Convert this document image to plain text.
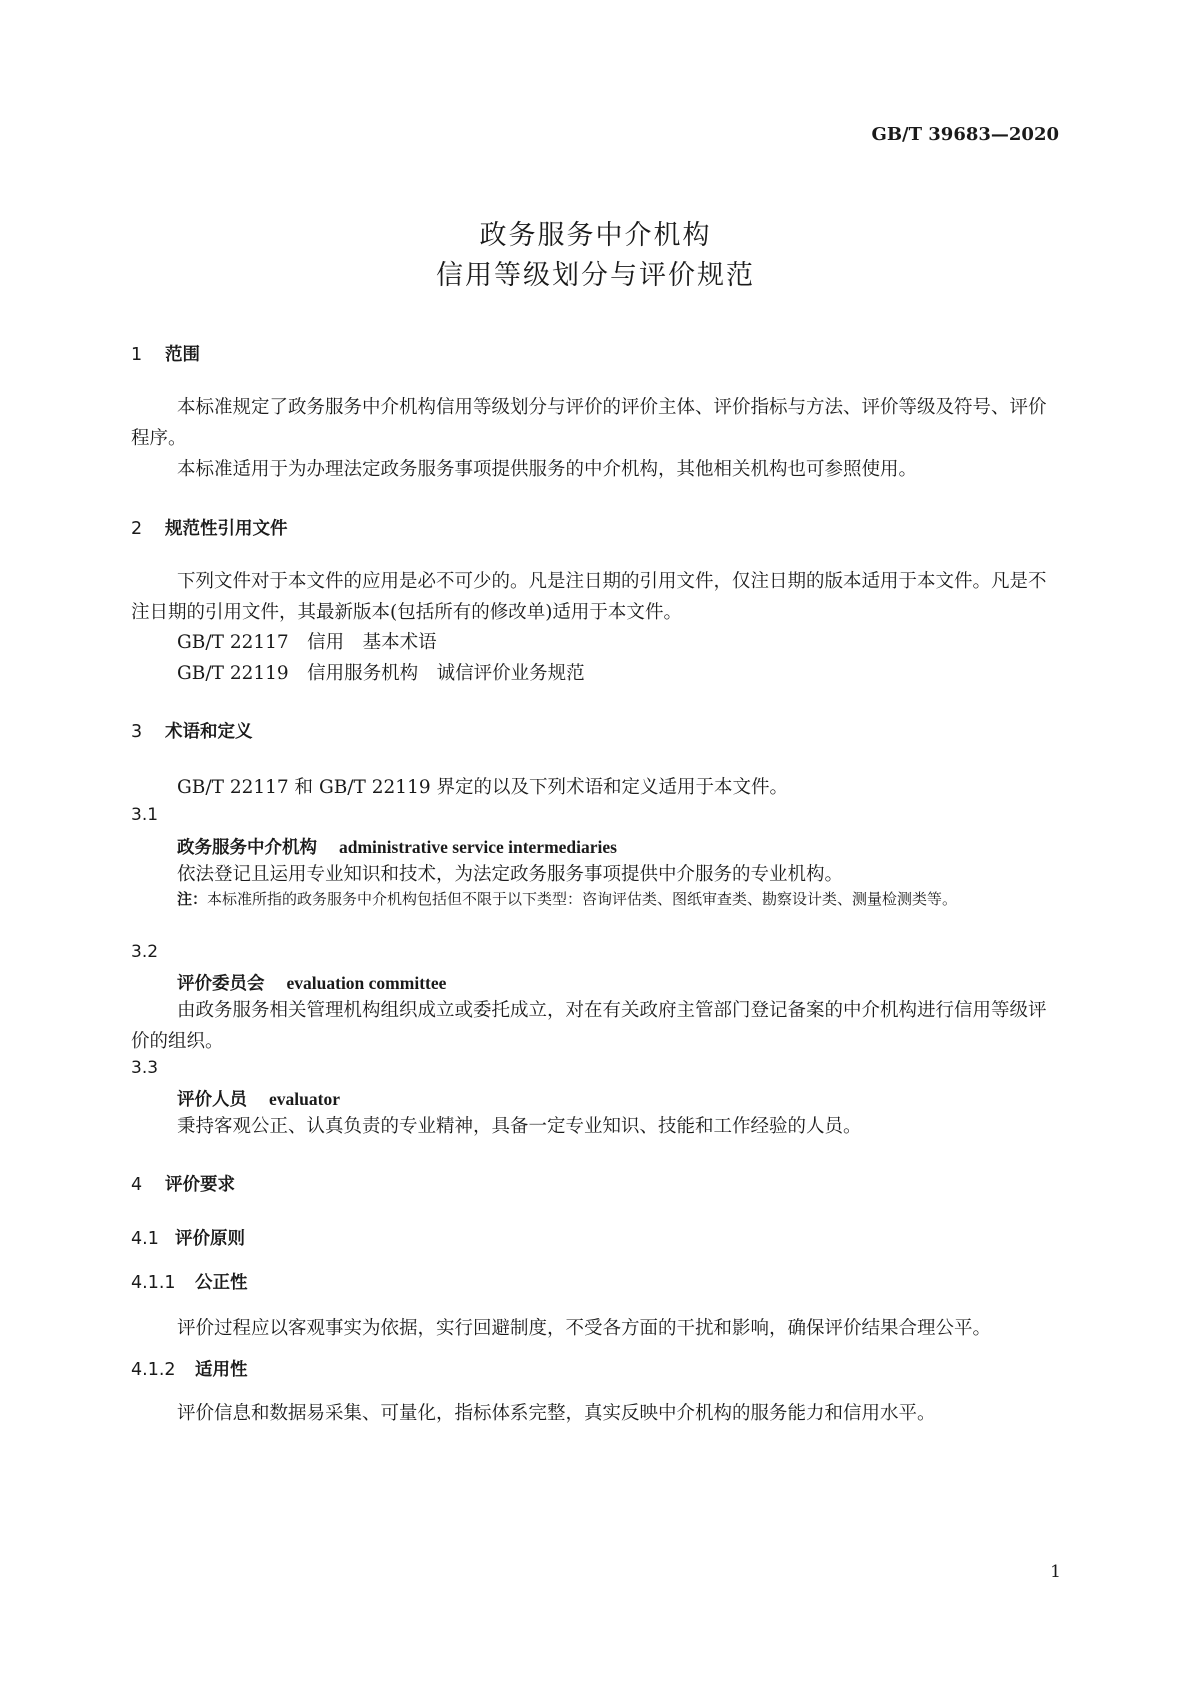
GB/T 39683—2020
政务服务中介机构
信用等级划分与评价规范
1 范围
本标准规定了政务服务中介机构信用等级划分与评价的评价主体、评价指标与方法、评价等级及符号、评价程序。
本标准适用于为办理法定政务服务事项提供服务的中介机构，其他相关机构也可参照使用。
2 规范性引用文件
下列文件对于本文件的应用是必不可少的。凡是注日期的引用文件，仅注日期的版本适用于本文件。凡是不注日期的引用文件，其最新版本(包括所有的修改单)适用于本文件。
GB/T 22117　信用　基本术语
GB/T 22119　信用服务机构　诚信评价业务规范
3 术语和定义
GB/T 22117 和 GB/T 22119 界定的以及下列术语和定义适用于本文件。
3.1
政务服务中介机构 administrative service intermediaries
依法登记且运用专业知识和技术，为法定政务服务事项提供中介服务的专业机构。
注：本标准所指的政务服务中介机构包括但不限于以下类型：咨询评估类、图纸审查类、勘察设计类、测量检测类等。
3.2
评价委员会 evaluation committee
由政务服务相关管理机构组织成立或委托成立，对在有关政府主管部门登记备案的中介机构进行信用等级评价的组织。
3.3
评价人员 evaluator
秉持客观公正、认真负责的专业精神，具备一定专业知识、技能和工作经验的人员。
4 评价要求
4.1 评价原则
4.1.1 公正性
评价过程应以客观事实为依据，实行回避制度，不受各方面的干扰和影响，确保评价结果合理公平。
4.1.2 适用性
评价信息和数据易采集、可量化，指标体系完整，真实反映中介机构的服务能力和信用水平。
1
